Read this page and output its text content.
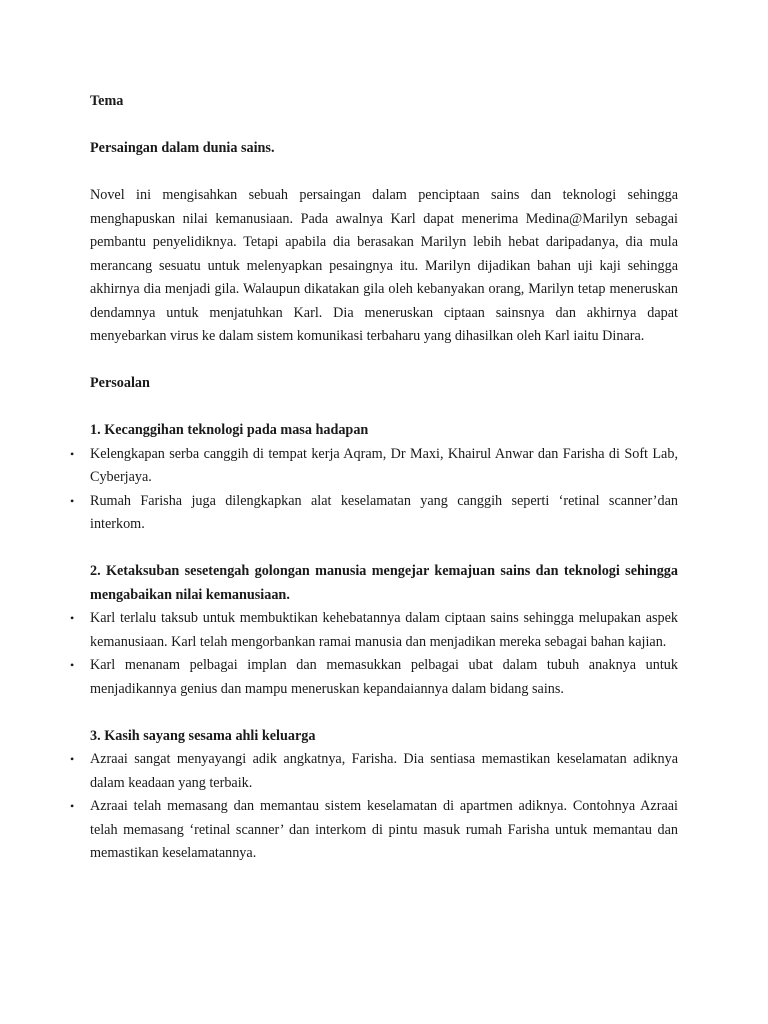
Tema

Persaingan dalam dunia sains.

Novel ini mengisahkan sebuah persaingan dalam penciptaan sains dan teknologi sehingga menghapuskan nilai kemanusiaan. Pada awalnya Karl dapat menerima Medina@Marilyn sebagai pembantu penyelidiknya. Tetapi apabila dia berasakan Marilyn lebih hebat daripadanya, dia mula merancang sesuatu untuk melenyapkan pesaingnya itu. Marilyn dijadikan bahan uji kaji sehingga akhirnya dia menjadi gila. Walaupun dikatakan gila oleh kebanyakan orang, Marilyn tetap meneruskan dendamnya untuk menjatuhkan Karl. Dia meneruskan ciptaan sainsnya dan akhirnya dapat menyebarkan virus ke dalam sistem komunikasi terbaharu yang dihasilkan oleh Karl iaitu Dinara.

Persoalan

1. Kecanggihan teknologi pada masa hadapan

• Kelengkapan serba canggih di tempat kerja Aqram, Dr Maxi, Khairul Anwar dan Farisha di Soft Lab, Cyberjaya.
• Rumah Farisha juga dilengkapkan alat keselamatan yang canggih seperti ‘retinal scanner’dan interkom.

2. Ketaksuban sesetengah golongan manusia mengejar kemajuan sains dan teknologi sehingga mengabaikan nilai kemanusiaan.

• Karl terlalu taksub untuk membuktikan kehebatannya dalam ciptaan sains sehingga melupakan aspek kemanusiaan. Karl telah mengorbankan ramai manusia dan menjadikan mereka sebagai bahan kajian.
• Karl menanam pelbagai implan dan memasukkan pelbagai ubat dalam tubuh anaknya untuk menjadikannya genius dan mampu meneruskan kepandaiannya dalam bidang sains.

3. Kasih sayang sesama ahli keluarga

• Azraai sangat menyayangi adik angkatnya, Farisha. Dia sentiasa memastikan keselamatan adiknya dalam keadaan yang terbaik.
• Azraai telah memasang dan memantau sistem keselamatan di apartmen adiknya. Contohnya Azraai telah memasang ‘retinal scanner’ dan interkom di pintu masuk rumah Farisha untuk memantau dan memastikan keselamatannya.
